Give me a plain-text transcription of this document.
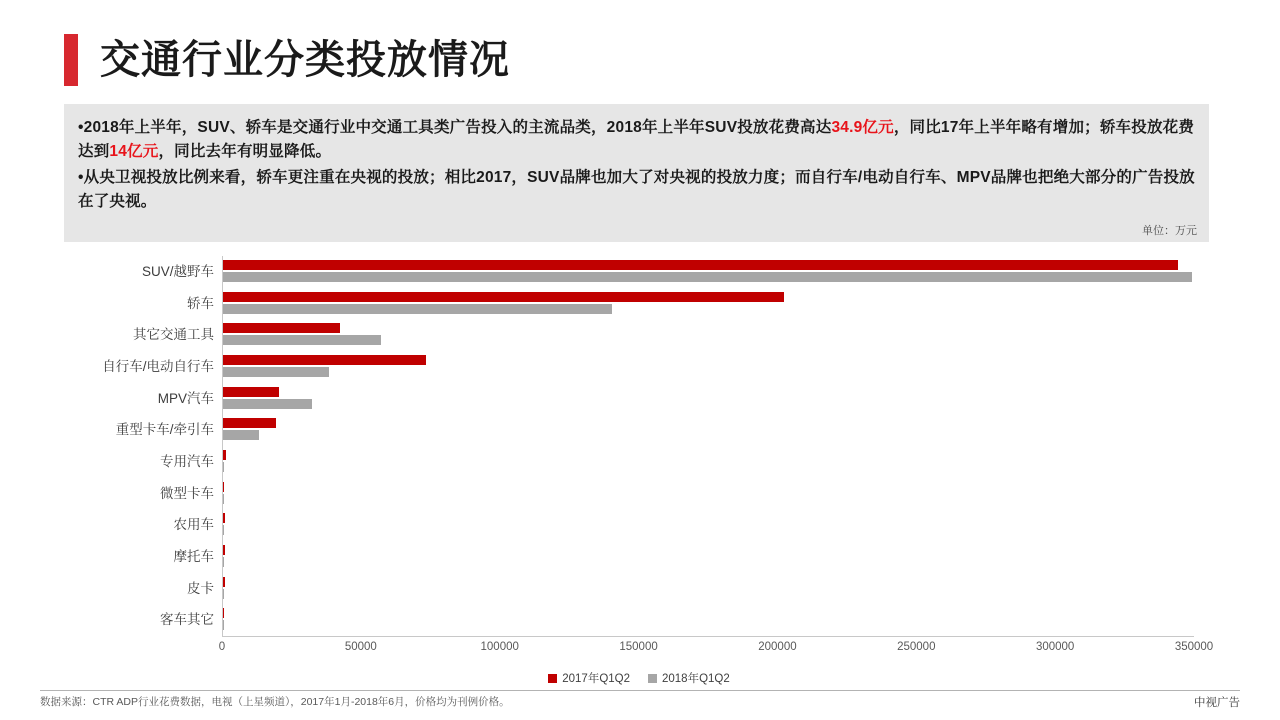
交通行业分类投放情况

•2018年上半年，SUV、轿车是交通行业中交通工具类广告投入的主流品类，2018年上半年SUV投放花费高达34.9亿元，同比17年上半年略有增加；轿车投放花费达到14亿元，同比去年有明显降低。

•从央卫视投放比例来看，轿车更注重在央视的投放；相比2017，SUV品牌也加大了对央视的投放力度；而自行车/电动自行车、MPV品牌也把绝大部分的广告投放在了央视。

单位：万元
SUV/越野车
轿车
其它交通工具
自行车/电动自行车
MPV汽车
重型卡车/牵引车
专用汽车
微型卡车
农用车
摩托车
皮卡
客车其它
0	50000	100000	150000	200000	250000	300000	350000
2017年Q1Q2	2018年Q1Q2
数据来源：CTR ADP行业花费数据，电视（上星频道），2017年1月-2018年6月，价格均为刊例价格。	中视广告
